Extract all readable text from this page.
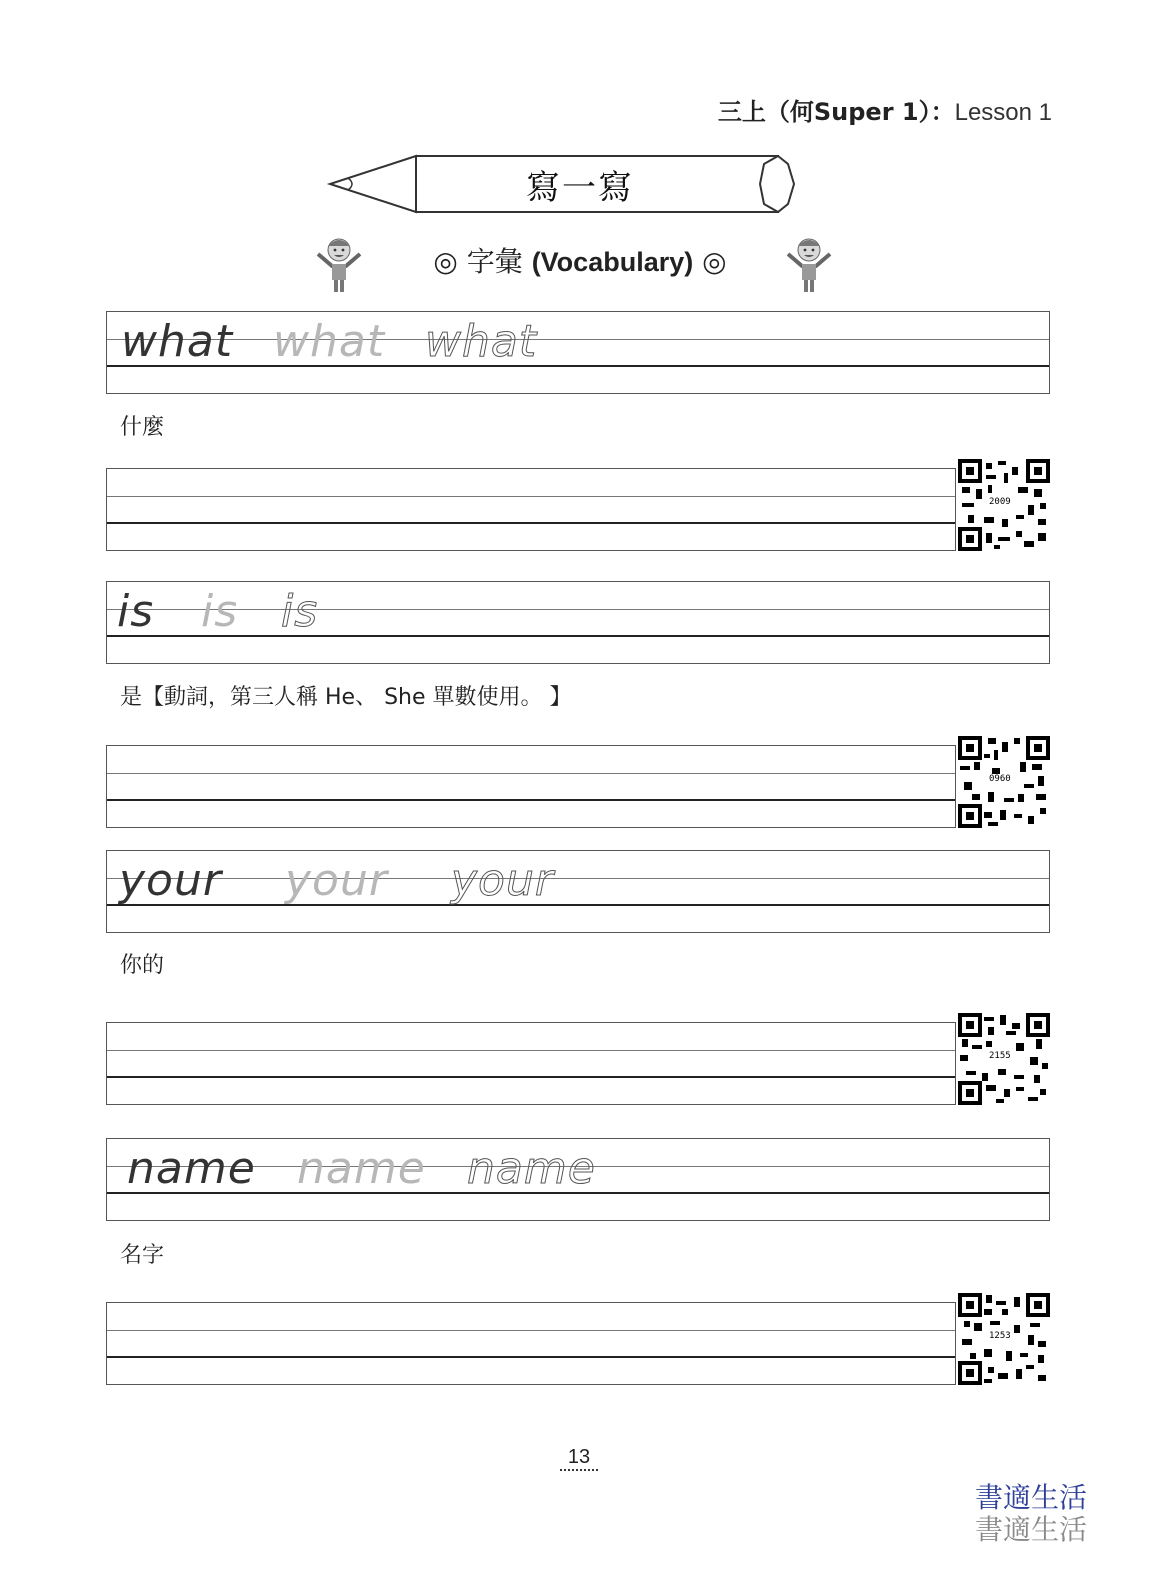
三上（何Super 1）：Lesson 1
寫一寫
◎ 字彙 (Vocabulary) ◎
what what what
什麼
2009
is is is
是【動詞，第三人稱 He、 She 單數使用。 】
0960
your your your
你的
2155
name name name
名字
1253
13
書適生活
書適生活
